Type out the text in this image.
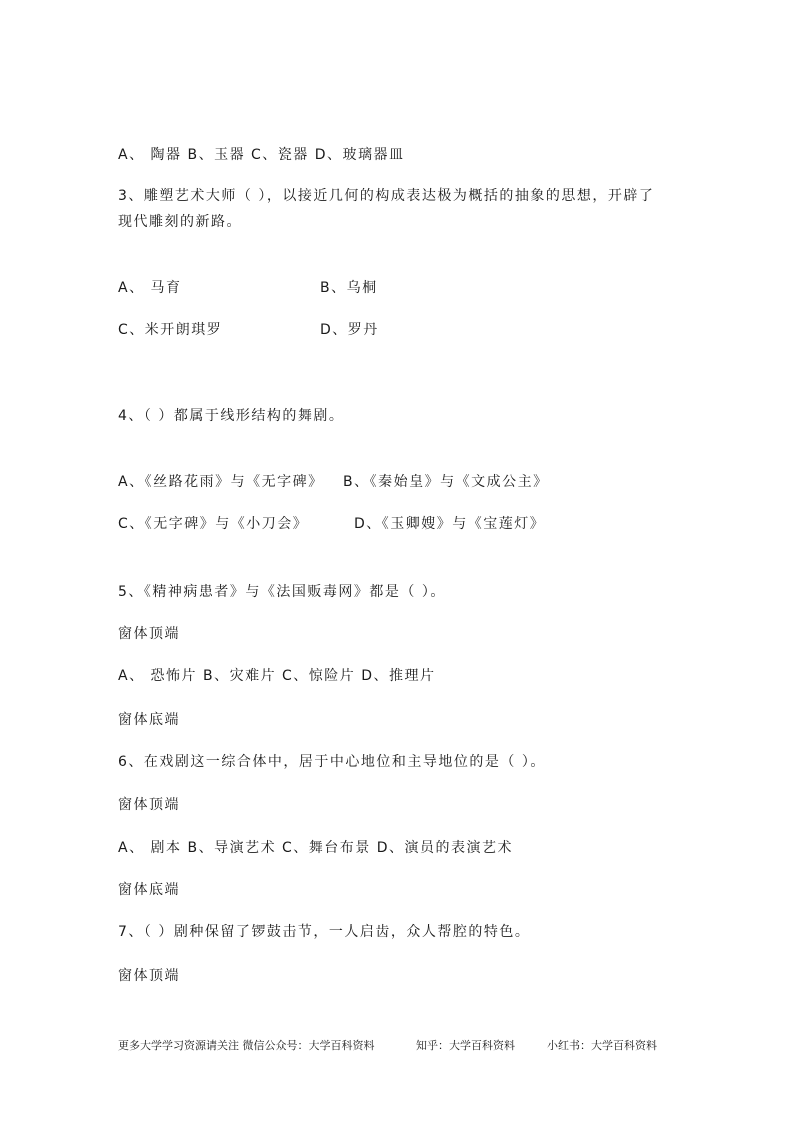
A、 陶器 B、玉器 C、瓷器 D、玻璃器皿
3、雕塑艺术大师（ ），以接近几何的构成表达极为概括的抽象的思想，开辟了
现代雕刻的新路。
A、 马育	B、乌桐
C、米开朗琪罗	D、罗丹
4、（ ）都属于线形结构的舞剧。
A、《丝路花雨》与《无字碑》 B、《秦始皇》与《文成公主》
C、《无字碑》与《小刀会》	D、《玉卿嫂》与《宝莲灯》
5、《精神病患者》与《法国贩毒网》都是（ ）。
窗体顶端
A、 恐怖片 B、灾难片 C、惊险片 D、推理片
窗体底端
6、在戏剧这一综合体中，居于中心地位和主导地位的是（ ）。
窗体顶端
A、 剧本 B、导演艺术 C、舞台布景 D、演员的表演艺术
窗体底端
7、（ ）剧种保留了锣鼓击节，一人启齿，众人帮腔的特色。
窗体顶端
更多大学学习资源请关注 微信公众号：大学百科资料	知乎：大学百科资料	小红书：大学百科资料
